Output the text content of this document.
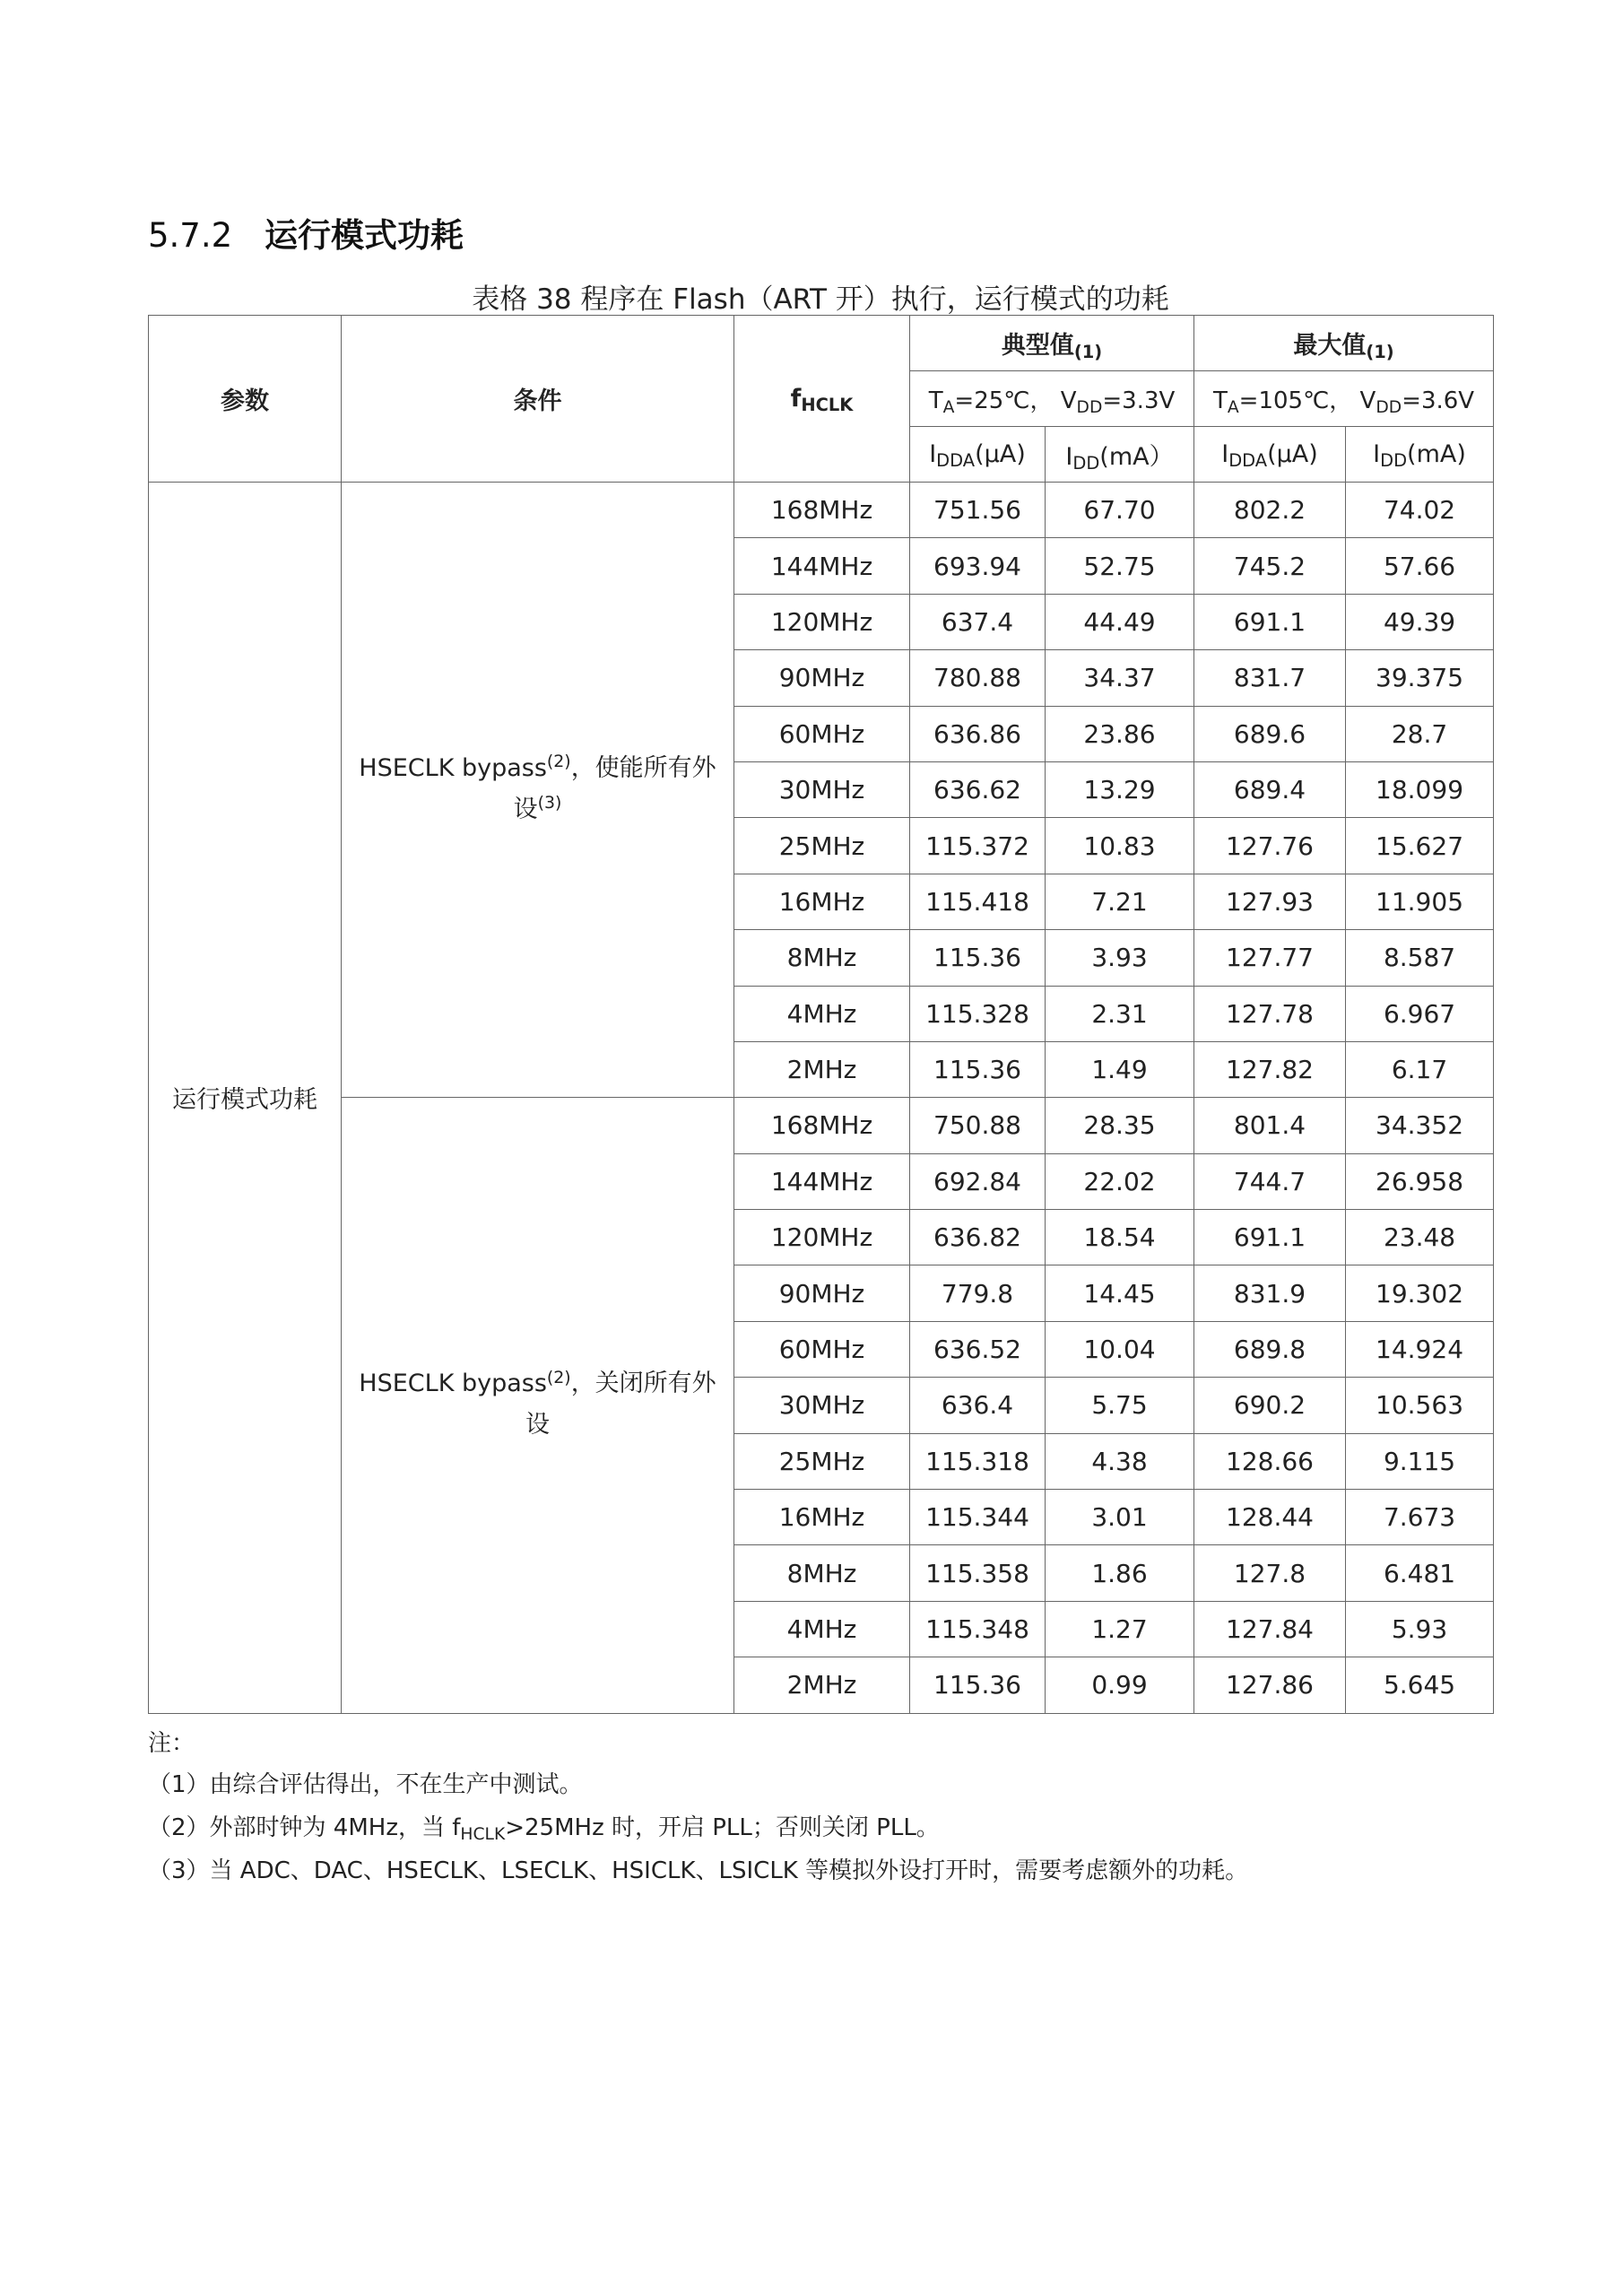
5.7.2 运行模式功耗
表格 38 程序在 Flash（ART 开）执行，运行模式的功耗
参数	条件	fHCLK	典型值(1)		最大值(1)	
			TA=25℃， VDD=3.3V		TA=105℃， VDD=3.6V	
			IDDA(μA)	IDD(mA）	IDDA(μA)	IDD(mA)
运行模式功耗	HSECLK bypass$^{(2)}$，使能所有外设$^{(3)}$	168MHz	751.56	67.70	802.2	74.02
		144MHz	693.94	52.75	745.2	57.66
		120MHz	637.4	44.49	691.1	49.39
		90MHz	780.88	34.37	831.7	39.375
		60MHz	636.86	23.86	689.6	28.7
		30MHz	636.62	13.29	689.4	18.099
		25MHz	115.372	10.83	127.76	15.627
		16MHz	115.418	7.21	127.93	11.905
		8MHz	115.36	3.93	127.77	8.587
		4MHz	115.328	2.31	127.78	6.967
		2MHz	115.36	1.49	127.82	6.17
	HSECLK bypass$^{(2)}$，关闭所有外设	168MHz	750.88	28.35	801.4	34.352
		144MHz	692.84	22.02	744.7	26.958
		120MHz	636.82	18.54	691.1	23.48
		90MHz	779.8	14.45	831.9	19.302
		60MHz	636.52	10.04	689.8	14.924
		30MHz	636.4	5.75	690.2	10.563
		25MHz	115.318	4.38	128.66	9.115
		16MHz	115.344	3.01	128.44	7.673
		8MHz	115.358	1.86	127.8	6.481
		4MHz	115.348	1.27	127.84	5.93
		2MHz	115.36	0.99	127.86	5.645
注：
（1）由综合评估得出，不在生产中测试。
（2）外部时钟为 4MHz，当 fHCLK>25MHz 时，开启 PLL；否则关闭 PLL。
（3）当 ADC、DAC、HSECLK、LSECLK、HSICLK、LSICLK 等模拟外设打开时，需要考虑额外的功耗。
